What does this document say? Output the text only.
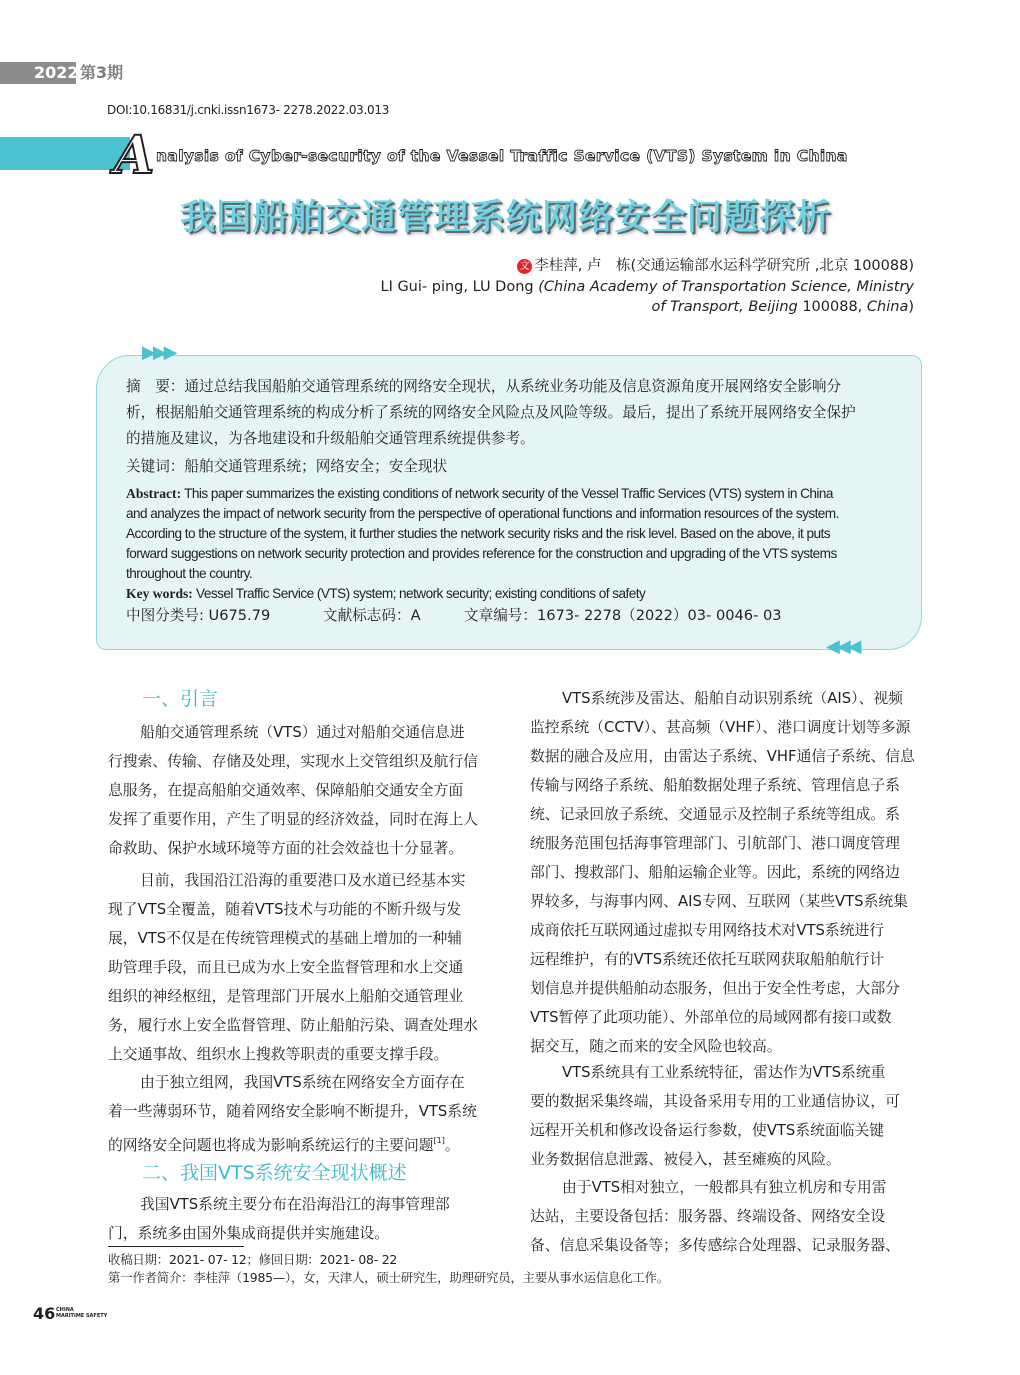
2022 第3期
DOI:10.16831/j.cnki.issn1673- 2278.2022.03.013
A nalysis of Cyber-security of the Vessel Traffic Service (VTS) System in China
我国船舶交通管理系统网络安全问题探析
文 李桂萍, 卢　栋(交通运输部水运科学研究所 ,北京 100088)
LI Gui- ping, LU Dong (China Academy of Transportation Science, Ministry
of Transport, Beijing 100088, China)
▶▶▶
◀◀◀
摘　要：通过总结我国船舶交通管理系统的网络安全现状，从系统业务功能及信息资源角度开展网络安全影响分
析，根据船舶交通管理系统的构成分析了系统的网络安全风险点及风险等级。最后，提出了系统开展网络安全保护
的措施及建议，为各地建设和升级船舶交通管理系统提供参考。
关键词：船舶交通管理系统；网络安全；安全现状
Abstract: This paper summarizes the existing conditions of network security of the Vessel Traffic Services (VTS) system in China
and analyzes the impact of network security from the perspective of operational functions and information resources of the system.
According to the structure of the system, it further studies the network security risks and the risk level. Based on the above, it puts
forward suggestions on network security protection and provides reference for the construction and upgrading of the VTS systems
throughout the country.
Key words: Vessel Traffic Service (VTS) system; network security; existing conditions of safety
中图分类号: U675.79	文献标志码：A	文章编号：1673- 2278（2022）03- 0046- 03
一、引言
船舶交通管理系统（VTS）通过对船舶交通信息进
行搜索、传输、存储及处理，实现水上交管组织及航行信
息服务，在提高船舶交通效率、保障船舶交通安全方面
发挥了重要作用，产生了明显的经济效益，同时在海上人
命救助、保护水域环境等方面的社会效益也十分显著。
目前，我国沿江沿海的重要港口及水道已经基本实
现了VTS全覆盖，随着VTS技术与功能的不断升级与发
展，VTS不仅是在传统管理模式的基础上增加的一种辅
助管理手段，而且已成为水上安全监督管理和水上交通
组织的神经枢纽，是管理部门开展水上船舶交通管理业
务，履行水上安全监督管理、防止船舶污染、调查处理水
上交通事故、组织水上搜救等职责的重要支撑手段。
由于独立组网，我国VTS系统在网络安全方面存在
着一些薄弱环节，随着网络安全影响不断提升，VTS系统
的网络安全问题也将成为影响系统运行的主要问题[1]。
二、我国VTS系统安全现状概述
我国VTS系统主要分布在沿海沿江的海事管理部
门，系统多由国外集成商提供并实施建设。
VTS系统涉及雷达、船舶自动识别系统（AIS）、视频
监控系统（CCTV）、甚高频（VHF）、港口调度计划等多源
数据的融合及应用，由雷达子系统、VHF通信子系统、信息
传输与网络子系统、船舶数据处理子系统、管理信息子系
统、记录回放子系统、交通显示及控制子系统等组成。系
统服务范围包括海事管理部门、引航部门、港口调度管理
部门、搜救部门、船舶运输企业等。因此，系统的网络边
界较多，与海事内网、AIS专网、互联网（某些VTS系统集
成商依托互联网通过虚拟专用网络技术对VTS系统进行
远程维护，有的VTS系统还依托互联网获取船舶航行计
划信息并提供船舶动态服务，但出于安全性考虑，大部分
VTS暂停了此项功能）、外部单位的局域网都有接口或数
据交互，随之而来的安全风险也较高。
VTS系统具有工业系统特征，雷达作为VTS系统重
要的数据采集终端，其设备采用专用的工业通信协议，可
远程开关机和修改设备运行参数，使VTS系统面临关键
业务数据信息泄露、被侵入，甚至瘫痪的风险。
由于VTS相对独立，一般都具有独立机房和专用雷
达站，主要设备包括：服务器、终端设备、网络安全设
备、信息采集设备等；多传感综合处理器、记录服务器、
收稿日期：2021- 07- 12；修回日期：2021- 08- 22
第一作者简介：李桂萍（1985—），女，天津人，硕士研究生，助理研究员，主要从事水运信息化工作。
46 CHINA
MARITIME SAFETY
